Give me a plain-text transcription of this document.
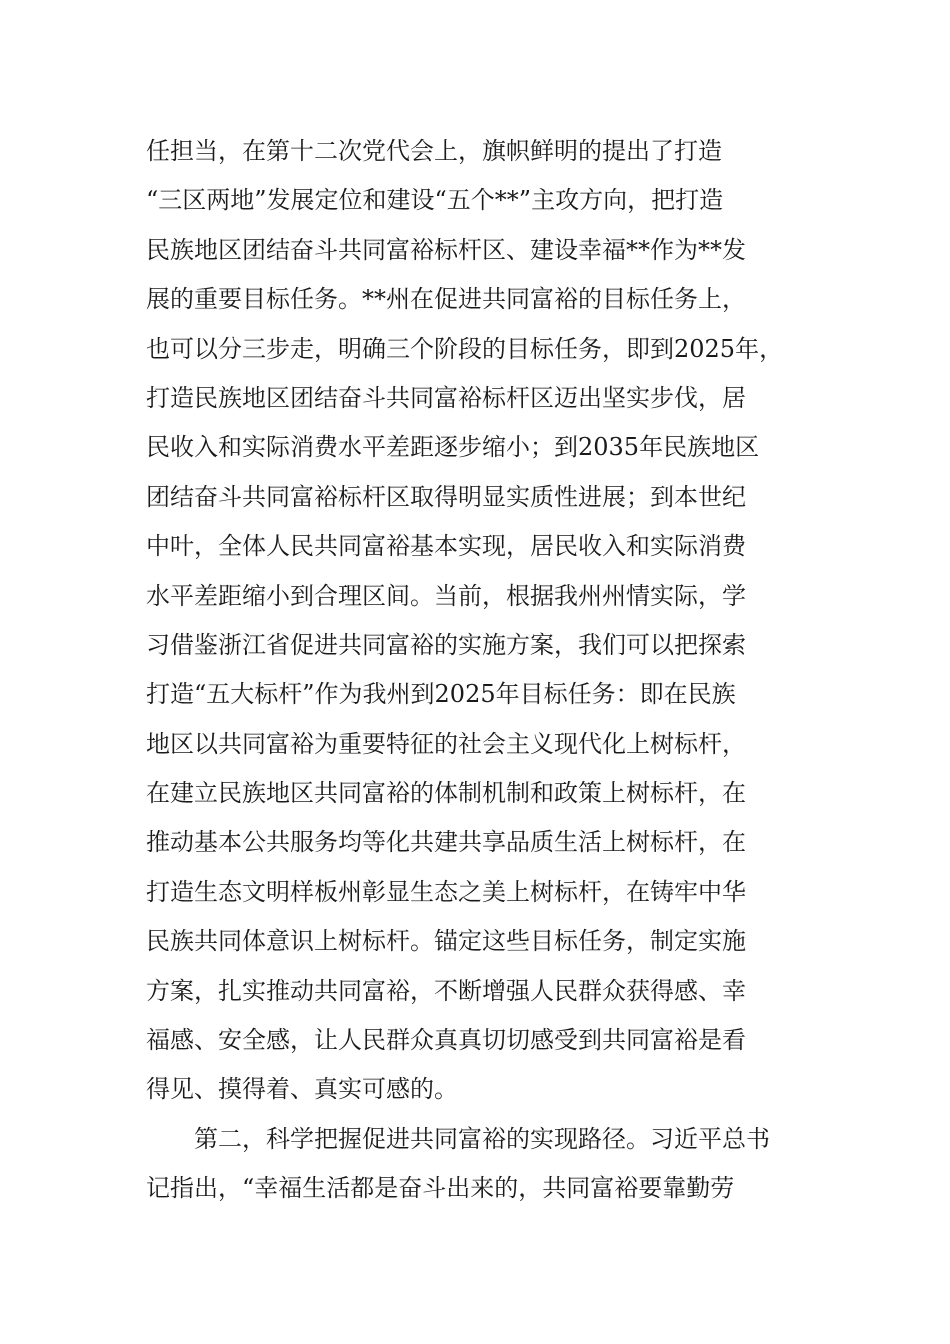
任担当，在第十二次党代会上，旗帜鲜明的提出了打造
“三区两地”发展定位和建设“五个**”主攻方向，把打造
民族地区团结奋斗共同富裕标杆区、建设幸福**作为**发
展的重要目标任务。**州在促进共同富裕的目标任务上，
也可以分三步走，明确三个阶段的目标任务，即到2025年，
打造民族地区团结奋斗共同富裕标杆区迈出坚实步伐，居
民收入和实际消费水平差距逐步缩小；到2035年民族地区
团结奋斗共同富裕标杆区取得明显实质性进展；到本世纪
中叶，全体人民共同富裕基本实现，居民收入和实际消费
水平差距缩小到合理区间。当前，根据我州州情实际，学
习借鉴浙江省促进共同富裕的实施方案，我们可以把探索
打造“五大标杆”作为我州到2025年目标任务：即在民族
地区以共同富裕为重要特征的社会主义现代化上树标杆，
在建立民族地区共同富裕的体制机制和政策上树标杆，在
推动基本公共服务均等化共建共享品质生活上树标杆，在
打造生态文明样板州彰显生态之美上树标杆，在铸牢中华
民族共同体意识上树标杆。锚定这些目标任务，制定实施
方案，扎实推动共同富裕，不断增强人民群众获得感、幸
福感、安全感，让人民群众真真切切感受到共同富裕是看
得见、摸得着、真实可感的。
第二，科学把握促进共同富裕的实现路径。习近平总书
记指出，“幸福生活都是奋斗出来的，共同富裕要靠勤劳
